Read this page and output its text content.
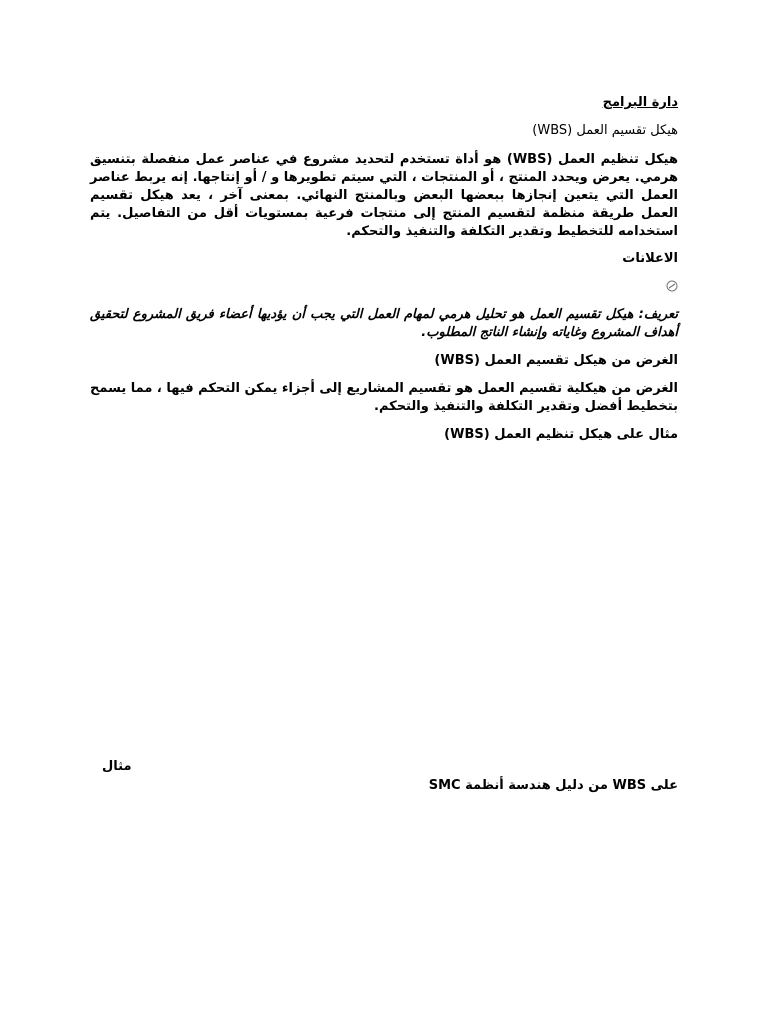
دارة البرامج
هيكل تقسيم العمل (WBS)
هيكل تنظيم العمل (WBS) هو أداة تستخدم لتحديد مشروع في عناصر عمل منفصلة بتنسيق هرمي. يعرض ويحدد المنتج ، أو المنتجات ، التي سيتم تطويرها و / أو إنتاجها. إنه يربط عناصر العمل التي يتعين إنجازها ببعضها البعض وبالمنتج النهائي. بمعنى آخر ، يعد هيكل تقسيم العمل طريقة منظمة لتقسيم المنتج إلى منتجات فرعية بمستويات أقل من التفاصيل. يتم استخدامه للتخطيط وتقدير التكلفة والتنفيذ والتحكم.
الاعلانات
تعريف: هيكل تقسيم العمل هو تحليل هرمي لمهام العمل التي يجب أن يؤديها أعضاء فريق المشروع لتحقيق أهداف المشروع وغاياته وإنشاء الناتج المطلوب.
الغرض من هيكل تقسيم العمل (WBS)
الغرض من هيكلية تقسيم العمل هو تقسيم المشاريع إلى أجزاء يمكن التحكم فيها ، مما يسمح بتخطيط أفضل وتقدير التكلفة والتنفيذ والتحكم.
مثال على هيكل تنظيم العمل (WBS)
مثال
على WBS من دليل هندسة أنظمة SMC
